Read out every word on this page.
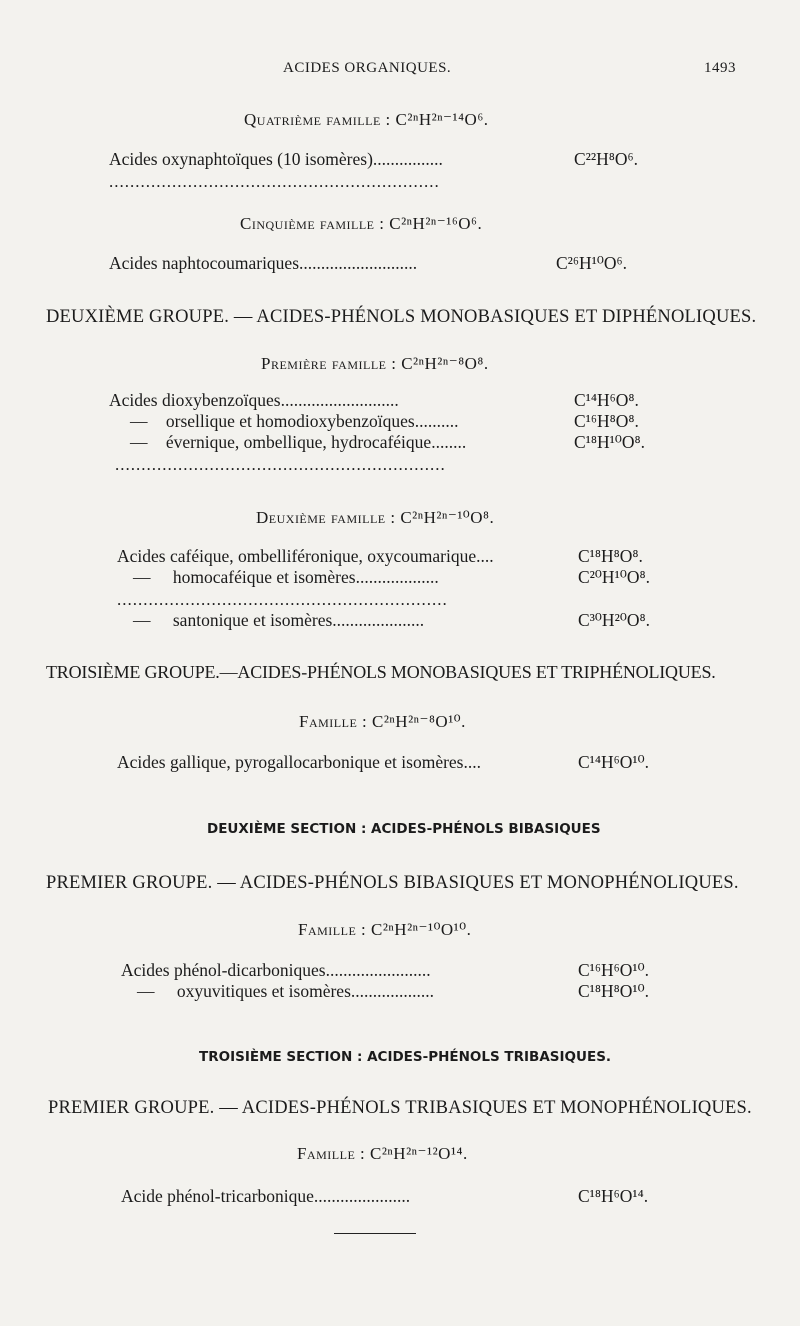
ACIDES ORGANIQUES.	1493
Quatrième famille : C²ⁿH²ⁿ⁻¹⁴O⁶.
Acides oxynaphtoïques (10 isomères)................	C²²H⁸O⁶.
...............................................................
Cinquième famille : C²ⁿH²ⁿ⁻¹⁶O⁶.
Acides naphtocoumariques...........................	C²⁶H¹⁰O⁶.
DEUXIÈME GROUPE. — ACIDES-PHÉNOLS MONOBASIQUES ET DIPHÉNOLIQUES.
Première famille : C²ⁿH²ⁿ⁻⁸O⁸.
Acides dioxybenzoïques...........................	C¹⁴H⁶O⁸.
— orsellique et homodioxybenzoïques..........	C¹⁶H⁸O⁸.
— évernique, ombellique, hydrocaféique........	C¹⁸H¹⁰O⁸.
...............................................................
Deuxième famille : C²ⁿH²ⁿ⁻¹⁰O⁸.
Acides caféique, ombelliféronique, oxycoumarique....	C¹⁸H⁸O⁸.
— homocaféique et isomères...................	C²⁰H¹⁰O⁸.
...............................................................
— santonique et isomères.....................	C³⁰H²⁰O⁸.
TROISIÈME GROUPE.—ACIDES-PHÉNOLS MONOBASIQUES ET TRIPHÉNOLIQUES.
Famille : C²ⁿH²ⁿ⁻⁸O¹⁰.
Acides gallique, pyrogallocarbonique et isomères....	C¹⁴H⁶O¹⁰.
DEUXIÈME SECTION : ACIDES-PHÉNOLS BIBASIQUES
PREMIER GROUPE. — ACIDES-PHÉNOLS BIBASIQUES ET MONOPHÉNOLIQUES.
Famille : C²ⁿH²ⁿ⁻¹⁰O¹⁰.
Acides phénol-dicarboniques........................	C¹⁶H⁶O¹⁰.
— oxyuvitiques et isomères...................	C¹⁸H⁸O¹⁰.
TROISIÈME SECTION : ACIDES-PHÉNOLS TRIBASIQUES.
PREMIER GROUPE. — ACIDES-PHÉNOLS TRIBASIQUES ET MONOPHÉNOLIQUES.
Famille : C²ⁿH²ⁿ⁻¹²O¹⁴.
Acide phénol-tricarbonique......................	C¹⁸H⁶O¹⁴.
